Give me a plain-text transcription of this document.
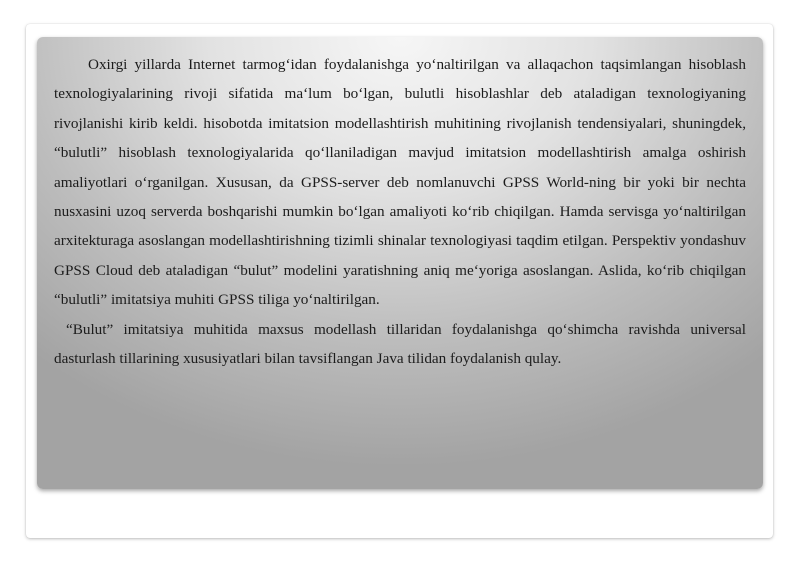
Oxirgi yillarda Internet tarmog‘idan foydalanishga yo‘naltirilgan va allaqachon taqsimlangan hisoblash texnologiyalarining rivoji sifatida ma‘lum bo‘lgan, bulutli hisoblashlar deb ataladigan texnologiyaning rivojlanishi kirib keldi. hisobotda imitatsion modellashtirish muhitining rivojlanish tendensiyalari, shuningdek, “bulutli” hisoblash texnologiyalarida qo‘llaniladigan mavjud imitatsion modellashtirish amalga oshirish amaliyotlari o‘rganilgan. Xususan, da GPSS-server deb nomlanuvchi GPSS World-ning bir yoki bir nechta nusxasini uzoq serverda boshqarishi mumkin bo‘lgan amaliyoti ko‘rib chiqilgan. Hamda servisga yo‘naltirilgan arxitekturaga asoslangan modellashtirishning tizimli shinalar texnologiyasi taqdim etilgan. Perspektiv yondashuv GPSS Cloud deb ataladigan “bulut” modelini yaratishning aniq me‘yoriga asoslangan. Aslida, ko‘rib chiqilgan “bulutli” imitatsiya muhiti GPSS tiliga yo‘naltirilgan.

“Bulut” imitatsiya muhitida maxsus modellash tillaridan foydalanishga qo‘shimcha ravishda universal dasturlash tillarining xususiyatlari bilan tavsiflangan Java tilidan foydalanish qulay.
